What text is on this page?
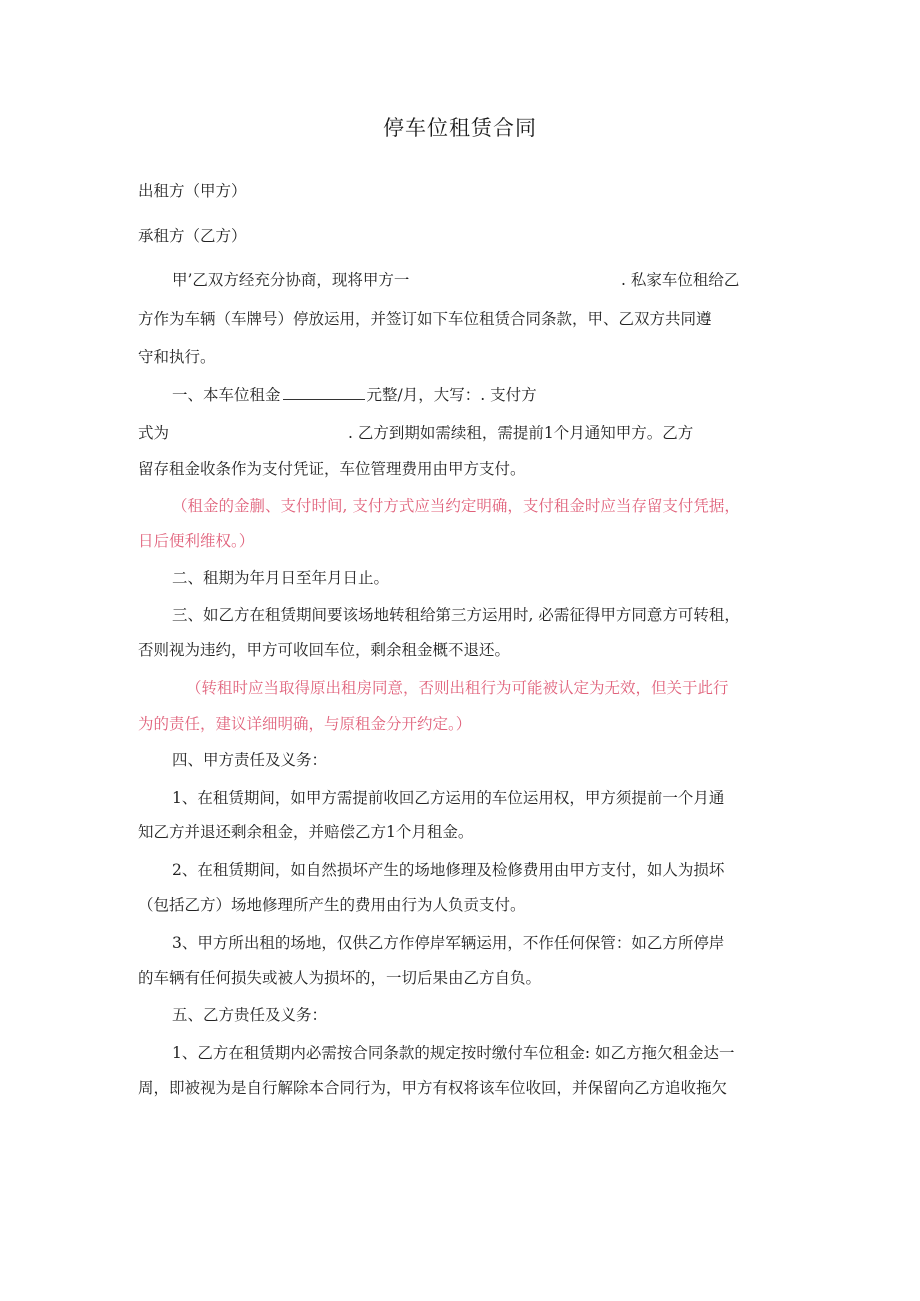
停车位租赁合同
出租方（甲方）
承租方（乙方）
甲’乙双方经充分协商，现将甲方一	. 私家车位租给乙
方作为车辆（车牌号）停放运用，并签订如下车位租赁合同条款，甲、乙双方共同遵
守和执行。
一、本车位租金	元整/月，大写：. 支付方
式为	. 乙方到期如需续租，需提前1个月通知甲方。乙方
留存租金收条作为支付凭证，车位管理费用由甲方支付。
（租金的金蒯、支付时间, 支付方式应当约定明确，支付租金时应当存留支付凭据，
日后便利维权。）
二、租期为年月日至年月日止。
三、如乙方在租赁期间要该场地转租给第三方运用时, 必需征得甲方同意方可转租，
否则视为违约，甲方可收回车位，剩余租金概不退还。
（转租时应当取得原出租房同意，否则出租行为可能被认定为无效，但关于此行
为的责任，建议详细明确，与原租金分开约定。）
四、甲方责任及义务：
1、在租赁期间，如甲方需提前收回乙方运用的车位运用权，甲方须提前一个月通
知乙方并退还剩余租金，并赔偿乙方1个月租金。
2、在租赁期间，如自然损坏产生的场地修理及检修费用由甲方支付，如人为损坏
（包括乙方）场地修理所产生的费用由行为人负贡支付。
3、甲方所出租的场地，仅供乙方作停岸军辆运用，不作任何保管：如乙方所停岸
的车辆有任何损失或被人为损坏的，一切后果由乙方自负。
五、乙方贵任及义务：
1、乙方在租赁期内必需按合同条款的规定按时缴付车位租金: 如乙方拖欠租金达一
周，即被视为是自行解除本合同行为，甲方有权将该车位收回，并保留向乙方追收拖欠
